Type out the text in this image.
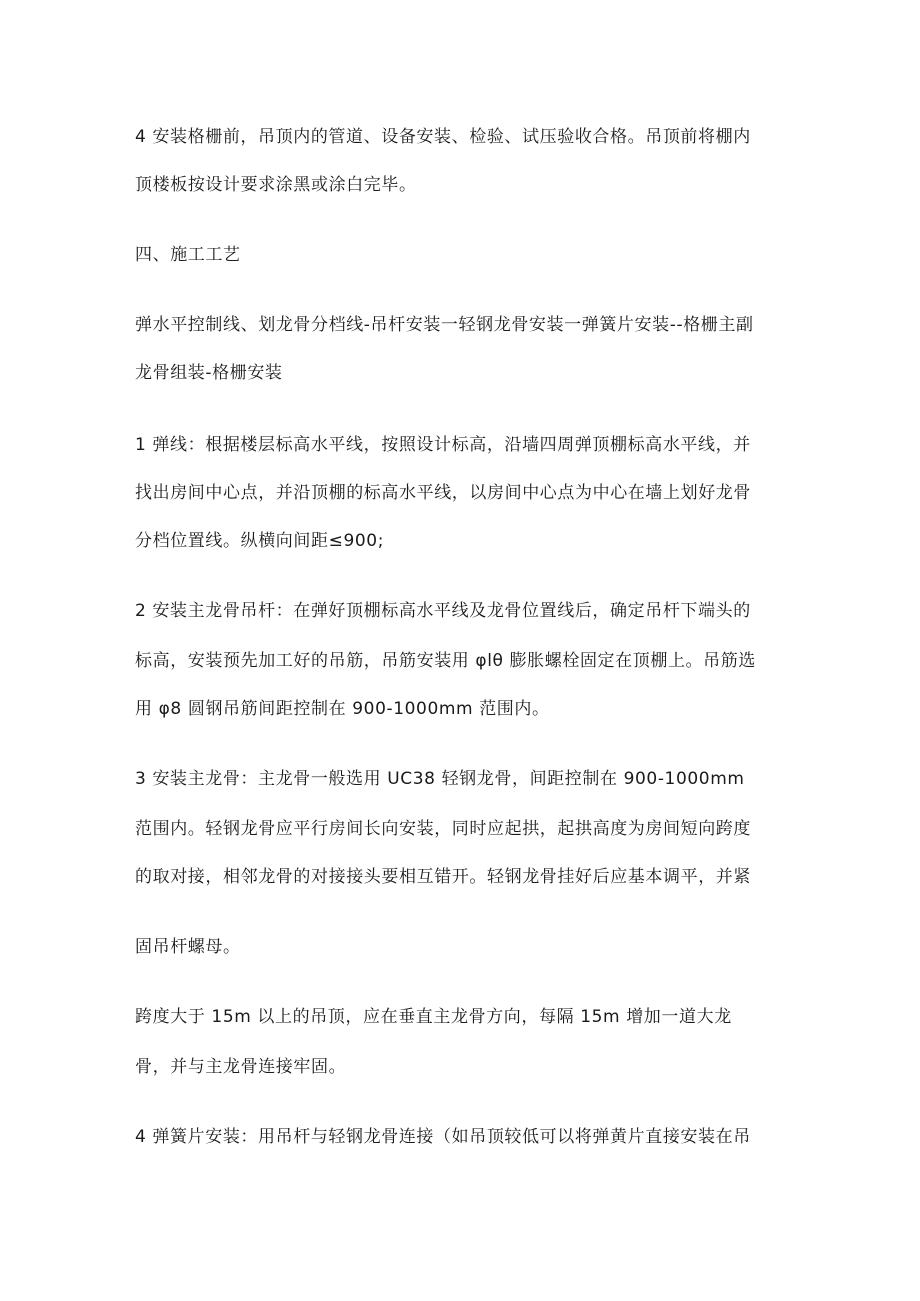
4 安装格栅前，吊顶内的管道、设备安装、检验、试压验收合格。吊顶前将棚内
顶楼板按设计要求涂黑或涂白完毕。
四、施工工艺
弹水平控制线、划龙骨分档线-吊杆安装一轻钢龙骨安装一弹簧片安装--格栅主副
龙骨组装-格栅安装
1 弹线：根据楼层标高水平线，按照设计标高，沿墙四周弹顶棚标高水平线，并
找出房间中心点，并沿顶棚的标高水平线，以房间中心点为中心在墙上划好龙骨
分档位置线。纵横向间距≤900;
2 安装主龙骨吊杆：在弹好顶棚标高水平线及龙骨位置线后，确定吊杆下端头的
标高，安装预先加工好的吊筋，吊筋安装用 φlθ 膨胀螺栓固定在顶棚上。吊筋选
用 φ8 圆钢吊筋间距控制在 900-1000mm 范围内。
3 安装主龙骨：主龙骨一般选用 UC38 轻钢龙骨，间距控制在 900-1000mm
范围内。轻钢龙骨应平行房间长向安装，同时应起拱，起拱高度为房间短向跨度
的取对接，相邻龙骨的对接接头要相互错开。轻钢龙骨挂好后应基本调平，并紧
固吊杆螺母。
跨度大于 15m 以上的吊顶，应在垂直主龙骨方向，每隔 15m 增加一道大龙
骨，并与主龙骨连接牢固。
4 弹簧片安装：用吊杆与轻钢龙骨连接（如吊顶较低可以将弹黄片直接安装在吊
